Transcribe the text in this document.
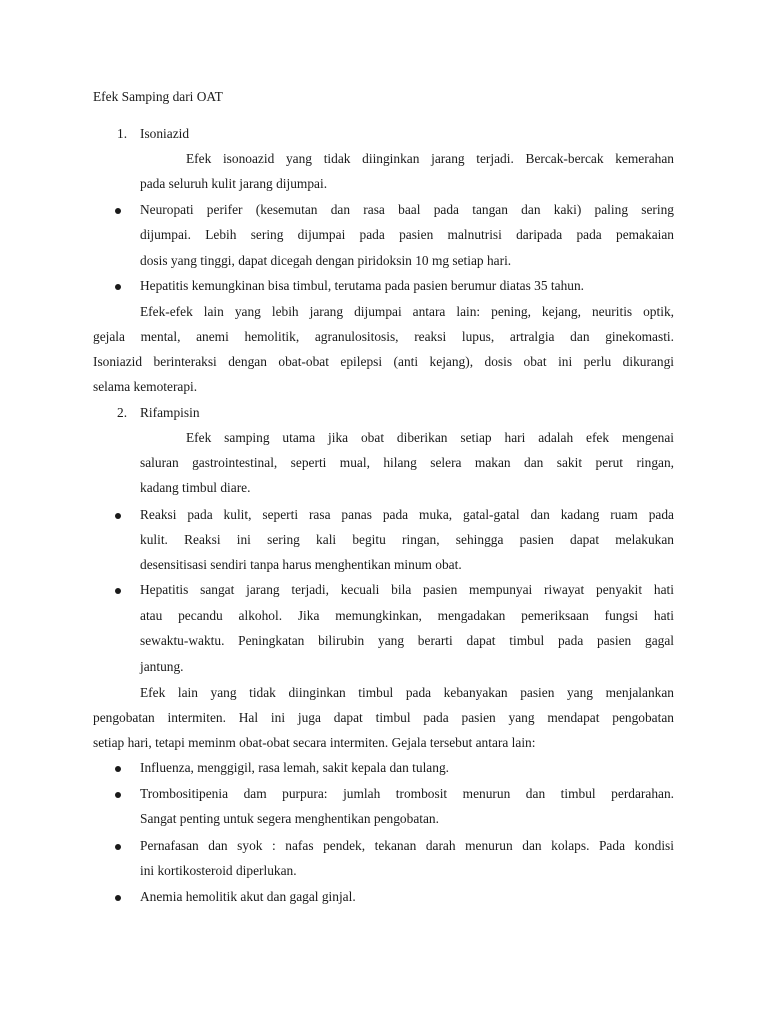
Efek Samping dari OAT
1. Isoniazid
Efek isonoazid yang tidak diinginkan jarang terjadi. Bercak-bercak kemerahan
pada seluruh kulit jarang dijumpai.
Neuropati perifer (kesemutan dan rasa baal pada tangan dan kaki) paling sering
dijumpai. Lebih sering dijumpai pada pasien malnutrisi daripada pada pemakaian
dosis yang tinggi, dapat dicegah dengan piridoksin 10 mg setiap hari.
Hepatitis kemungkinan bisa timbul, terutama pada pasien berumur diatas 35 tahun.
Efek-efek lain yang lebih jarang dijumpai antara lain: pening, kejang, neuritis optik,
gejala mental, anemi hemolitik, agranulositosis, reaksi lupus, artralgia dan ginekomasti.
Isoniazid berinteraksi dengan obat-obat epilepsi (anti kejang), dosis obat ini perlu dikurangi
selama kemoterapi.
2. Rifampisin
Efek samping utama jika obat diberikan setiap hari adalah efek mengenai
saluran gastrointestinal, seperti mual, hilang selera makan dan sakit perut ringan,
kadang timbul diare.
Reaksi pada kulit, seperti rasa panas pada muka, gatal-gatal dan kadang ruam pada
kulit. Reaksi ini sering kali begitu ringan, sehingga pasien dapat melakukan
desensitisasi sendiri tanpa harus menghentikan minum obat.
Hepatitis sangat jarang terjadi, kecuali bila pasien mempunyai riwayat penyakit hati
atau pecandu alkohol. Jika memungkinkan, mengadakan pemeriksaan fungsi hati
sewaktu-waktu. Peningkatan bilirubin yang berarti dapat timbul pada pasien gagal
jantung.
Efek lain yang tidak diinginkan timbul pada kebanyakan pasien yang menjalankan
pengobatan intermiten. Hal ini juga dapat timbul pada pasien yang mendapat pengobatan
setiap hari, tetapi meminm obat-obat secara intermiten. Gejala tersebut antara lain:
Influenza, menggigil, rasa lemah, sakit kepala dan tulang.
Trombositipenia dam purpura: jumlah trombosit menurun dan timbul perdarahan.
Sangat penting untuk segera menghentikan pengobatan.
Pernafasan dan syok : nafas pendek, tekanan darah menurun dan kolaps. Pada kondisi
ini kortikosteroid diperlukan.
Anemia hemolitik akut dan gagal ginjal.
